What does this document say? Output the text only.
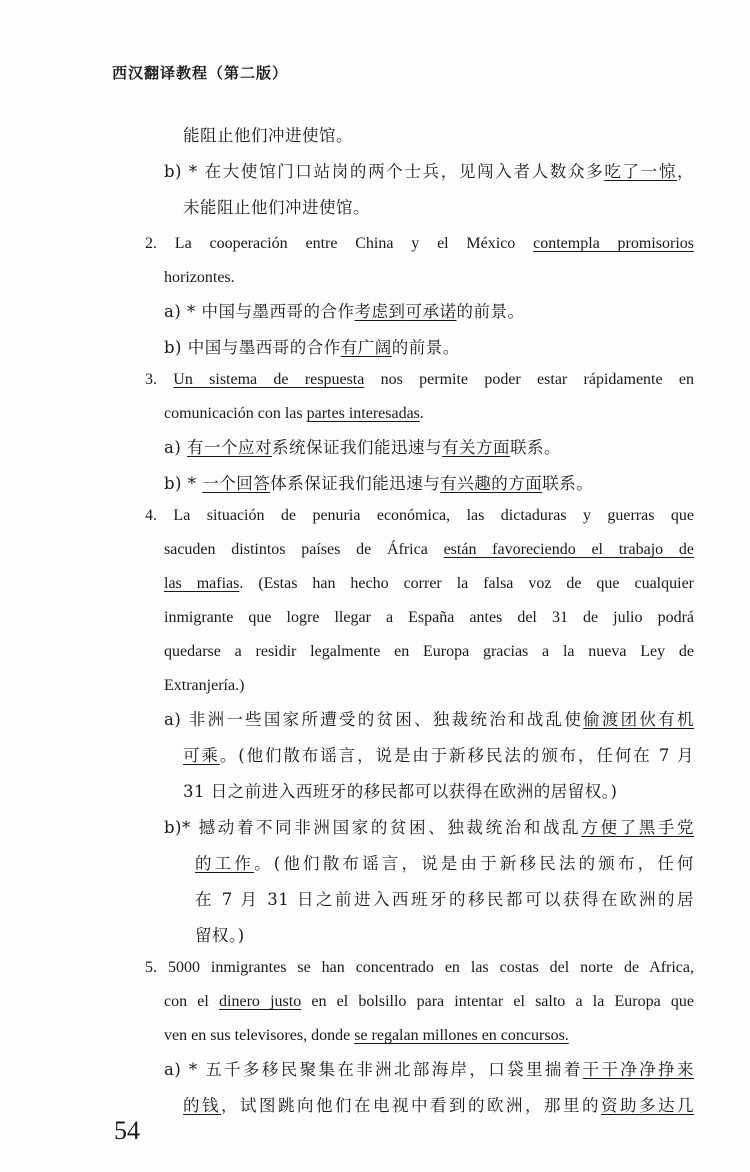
西汉翻译教程（第二版）
能阻止他们冲进使馆。
b) * 在大使馆门口站岗的两个士兵，见闯入者人数众多吃了一惊，
未能阻止他们冲进使馆。
2. La cooperación entre China y el México contempla promisorios
horizontes.
a) * 中国与墨西哥的合作考虑到可承诺的前景。
b) 中国与墨西哥的合作有广阔的前景。
3. Un sistema de respuesta nos permite poder estar rápidamente en
comunicación con las partes interesadas.
a) 有一个应对系统保证我们能迅速与有关方面联系。
b) * 一个回答体系保证我们能迅速与有兴趣的方面联系。
4. La situación de penuria económica, las dictaduras y guerras que
sacuden distintos países de África están favoreciendo el trabajo de
las mafias. (Estas han hecho correr la falsa voz de que cualquier
inmigrante que logre llegar a España antes del 31 de julio podrá
quedarse a residir legalmente en Europa gracias a la nueva Ley de
Extranjería.)
a) 非洲一些国家所遭受的贫困、独裁统治和战乱使偷渡团伙有机
可乘。(他们散布谣言，说是由于新移民法的颁布，任何在 7 月
31 日之前进入西班牙的移民都可以获得在欧洲的居留权。)
b)* 撼动着不同非洲国家的贫困、独裁统治和战乱方便了黑手党
的工作。(他们散布谣言，说是由于新移民法的颁布，任何
在 7 月 31 日之前进入西班牙的移民都可以获得在欧洲的居
留权。)
5. 5000 inmigrantes se han concentrado en las costas del norte de Africa,
con el dinero justo en el bolsillo para intentar el salto a la Europa que
ven en sus televisores, donde se regalan millones en concursos.
a) * 五千多移民聚集在非洲北部海岸，口袋里揣着干干净净挣来
的钱，试图跳向他们在电视中看到的欧洲，那里的资助多达几
54
